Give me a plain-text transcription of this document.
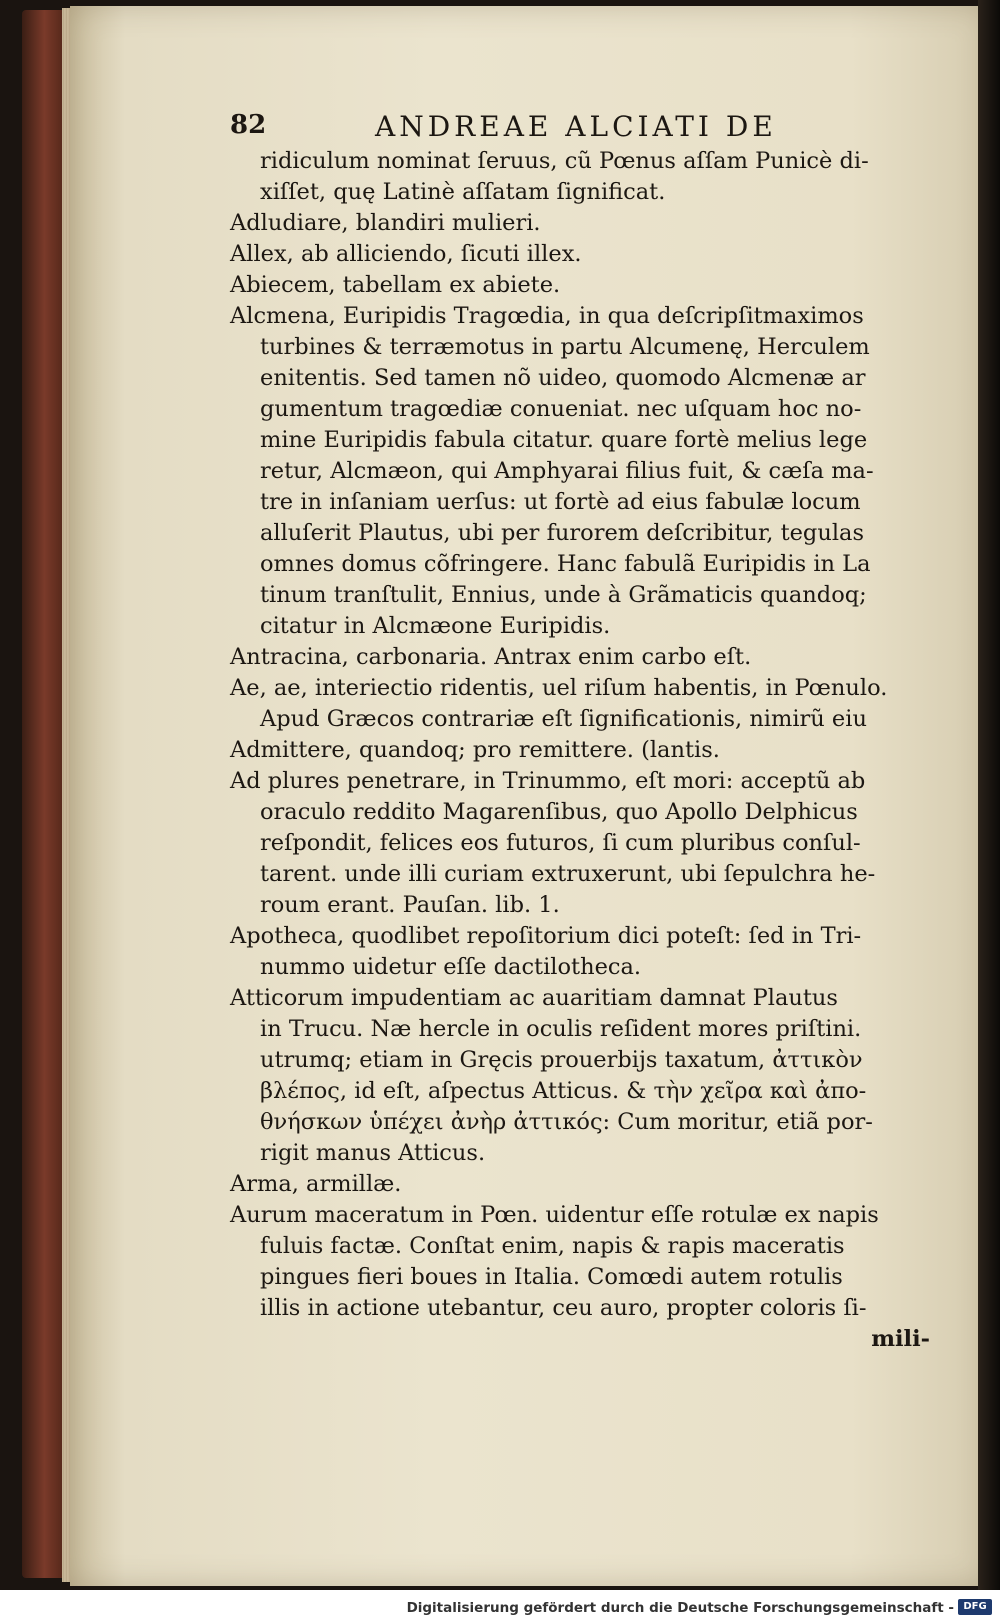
82	ANDREAE ALCIATI DE
ridiculum nominat ſeruus, cũ Pœnus aſſam Punicè di-
xiſſet, quę Latinè aſſatam ſignificat.
Adludiare, blandiri mulieri.
Allex, ab alliciendo, ſicuti illex.
Abiecem, tabellam ex abiete.
Alcmena, Euripidis Tragœdia, in qua deſcripſitmaximos
turbines & terræmotus in partu Alcumenę, Herculem
enitentis. Sed tamen nõ uideo, quomodo Alcmenæ ar
gumentum tragœdiæ conueniat. nec uſquam hoc no-
mine Euripidis fabula citatur. quare fortè melius lege
retur, Alcmæon, qui Amphyarai filius fuit, & cæſa ma-
tre in inſaniam uerſus: ut fortè ad eius fabulæ locum
alluſerit Plautus, ubi per furorem deſcribitur, tegulas
omnes domus cõfringere. Hanc fabulã Euripidis in La
tinum tranſtulit, Ennius, unde à Grãmaticis quandoq;
citatur in Alcmæone Euripidis.
Antracina, carbonaria. Antrax enim carbo eſt.
Ae, ae, interiectio ridentis, uel riſum habentis, in Pœnulo.
Apud Græcos contrariæ eſt ſignificationis, nimirũ eiu
Admittere, quandoq; pro remittere. (lantis.
Ad plures penetrare, in Trinummo, eſt mori: acceptũ ab
oraculo reddito Magarenſibus, quo Apollo Delphicus
reſpondit, felices eos futuros, ſi cum pluribus conſul-
tarent. unde illi curiam extruxerunt, ubi ſepulchra he-
roum erant. Pauſan. lib. 1.
Apotheca, quodlibet repoſitorium dici poteſt: ſed in Tri-
nummo uidetur eſſe dactilotheca.
Atticorum impudentiam ac auaritiam damnat Plautus
in Trucu. Næ hercle in oculis reſident mores priſtini.
utrumq; etiam in Gręcis prouerbijs taxatum, ἀττικὸν
βλέπος, id eſt, aſpectus Atticus. & τὴν χεῖρα καὶ ἀπο-
θνήσκων ὑπέχει ἀνὴρ ἀττικός: Cum moritur, etiã por-
rigit manus Atticus.
Arma, armillæ.
Aurum maceratum in Pœn. uidentur eſſe rotulæ ex napis
fuluis factæ. Conſtat enim, napis & rapis maceratis
pingues fieri boues in Italia. Comœdi autem rotulis
illis in actione utebantur, ceu auro, propter coloris ſi-
mili-
Digitalisierung gefördert durch die Deutsche Forschungsgemeinschaft - DFG
